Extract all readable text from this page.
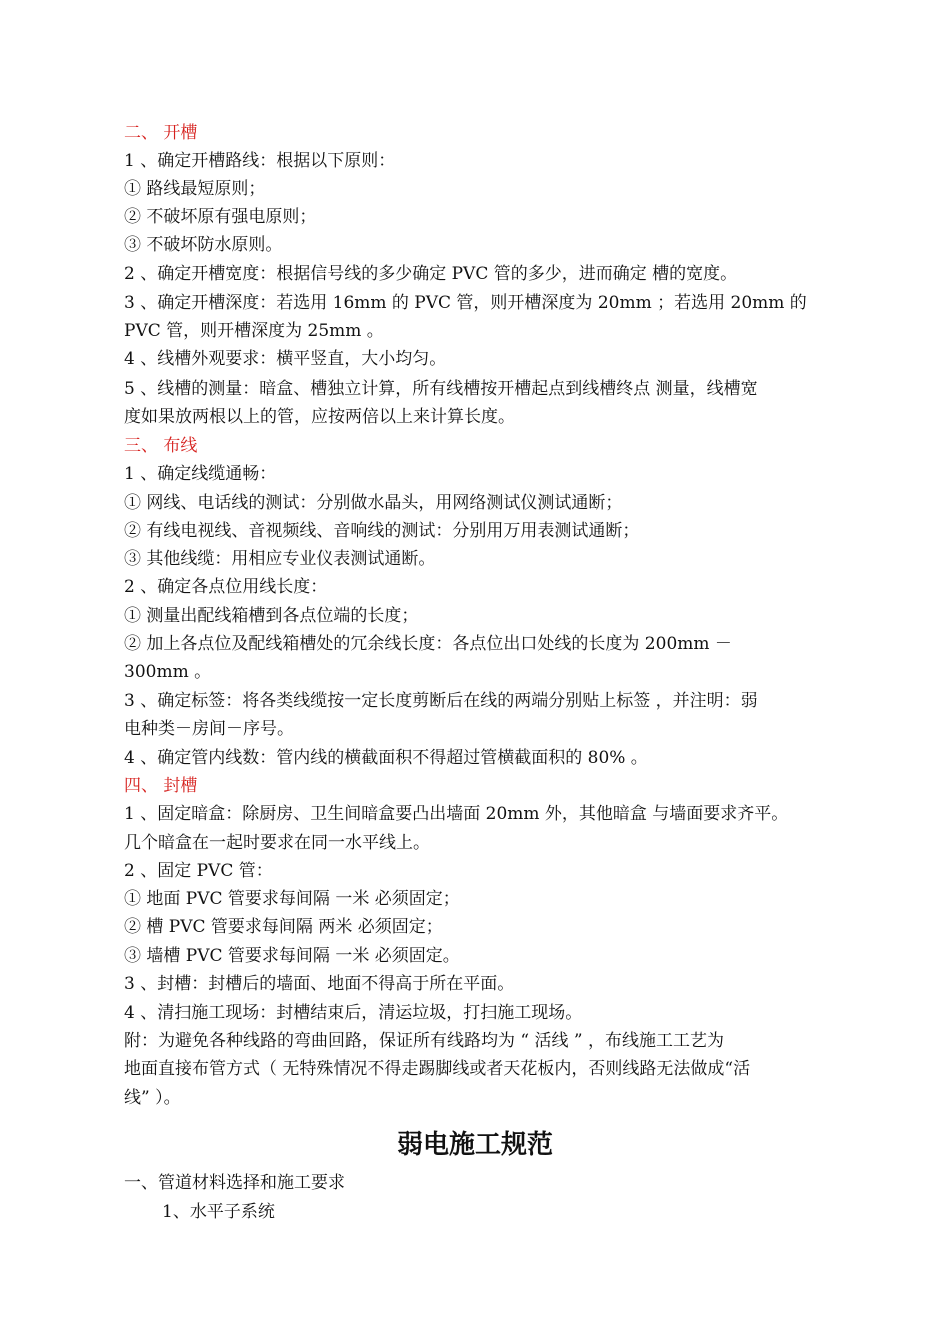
二、 开槽
1 、确定开槽路线：根据以下原则：
① 路线最短原则；
② 不破坏原有强电原则；
③ 不破坏防水原则。
2 、确定开槽宽度：根据信号线的多少确定 PVC 管的多少，进而确定 槽的宽度。
3 、确定开槽深度：若选用 16mm 的 PVC 管，则开槽深度为 20mm ；若选用 20mm 的
PVC 管，则开槽深度为 25mm 。
4 、线槽外观要求：横平竖直，大小均匀。
5 、线槽的测量：暗盒、槽独立计算，所有线槽按开槽起点到线槽终点 测量，线槽宽
度如果放两根以上的管，应按两倍以上来计算长度。
三、 布线
1 、确定线缆通畅：
① 网线、电话线的测试：分别做水晶头，用网络测试仪测试通断；
② 有线电视线、音视频线、音响线的测试：分别用万用表测试通断；
③ 其他线缆：用相应专业仪表测试通断。
2 、确定各点位用线长度：
① 测量出配线箱槽到各点位端的长度；
② 加上各点位及配线箱槽处的冗余线长度：各点位出口处线的长度为 200mm －
300mm 。
3 、确定标签：将各类线缆按一定长度剪断后在线的两端分别贴上标签 ，并注明：弱
电种类－房间－序号。
4 、确定管内线数：管内线的横截面积不得超过管横截面积的 80% 。
四、 封槽
1 、固定暗盒：除厨房、卫生间暗盒要凸出墙面 20mm 外，其他暗盒 与墙面要求齐平。
几个暗盒在一起时要求在同一水平线上。
2 、固定 PVC 管：
① 地面 PVC 管要求每间隔 一米 必须固定；
② 槽 PVC 管要求每间隔 两米 必须固定；
③ 墙槽 PVC 管要求每间隔 一米 必须固定。
3 、封槽：封槽后的墙面、地面不得高于所在平面。
4 、清扫施工现场：封槽结束后，清运垃圾，打扫施工现场。
附：为避免各种线路的弯曲回路，保证所有线路均为 “ 活线 ” ，布线施工工艺为
地面直接布管方式（ 无特殊情况不得走踢脚线或者天花板内，否则线路无法做成“活
线” ）。
弱电施工规范
一、管道材料选择和施工要求
1、水平子系统
